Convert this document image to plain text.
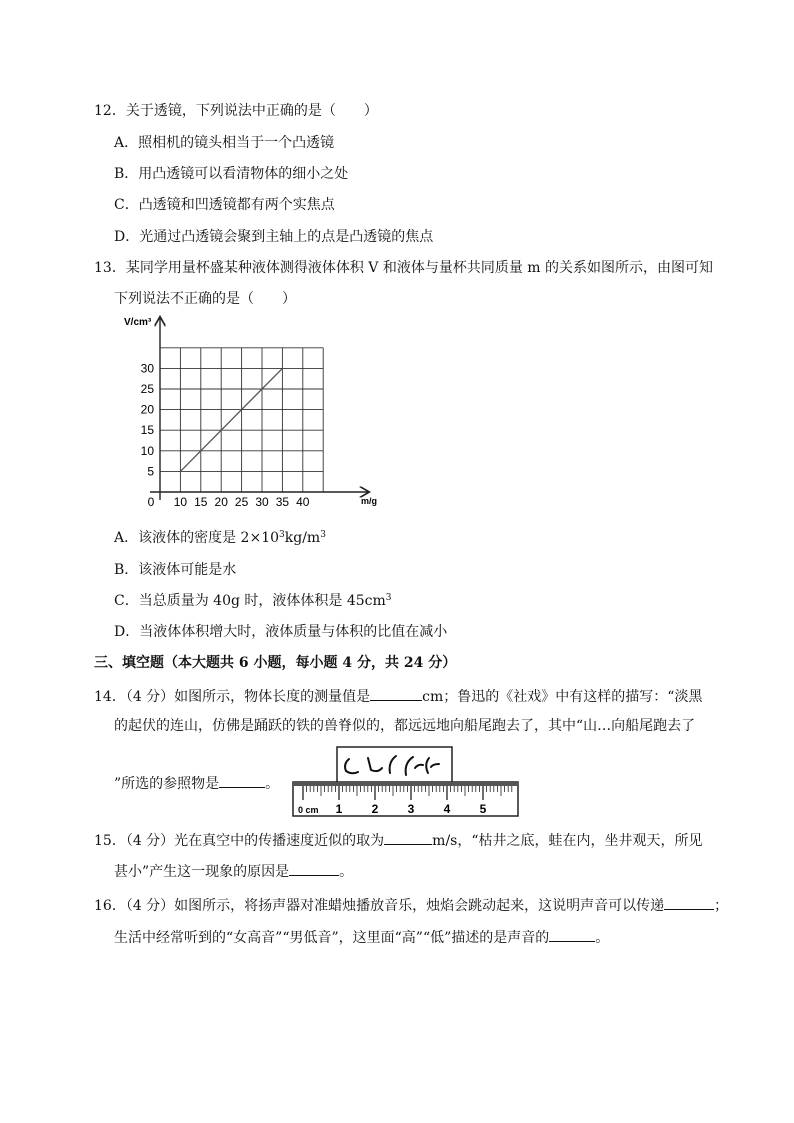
12．关于透镜，下列说法中正确的是（　　）
A．照相机的镜头相当于一个凸透镜
B．用凸透镜可以看清物体的细小之处
C．凸透镜和凹透镜都有两个实焦点
D．光通过凸透镜会聚到主轴上的点是凸透镜的焦点
13．某同学用量杯盛某种液体测得液体体积 V 和液体与量杯共同质量 m 的关系如图所示，由图可知
下列说法不正确的是（　　）
10 15 20 25 30 35 40
5
10
15
20
25
30
V/cm³
m/g
0
A．该液体的密度是 $2\times 10^3kg/m^3$
B．该液体可能是水
C．当总质量为 40g 时，液体体积是 $45cm^3$
D．当液体体积增大时，液体质量与体积的比值在减小
三、填空题（本大题共 6 小题，每小题 4 分，共 24 分）
14．（4 分）如图所示，物体长度的测量值是	cm；鲁迅的《社戏》中有这样的描写：“淡黑
的起伏的连山，仿佛是踊跃的铁的兽脊似的，都远远地向船尾跑去了，其中“山…向船尾跑去了
”所选的参照物是	。
0 cm 1 2 3 4 5
15．（4 分）光在真空中的传播速度近似的取为	m/s，“枯井之底，蛙在内，坐井观天，所见
甚小”产生这一现象的原因是	。
16．（4 分）如图所示，将扬声器对准蜡烛播放音乐，烛焰会跳动起来，这说明声音可以传递	；
生活中经常听到的“女高音”“男低音”，这里面“高”“低”描述的是声音的	。
